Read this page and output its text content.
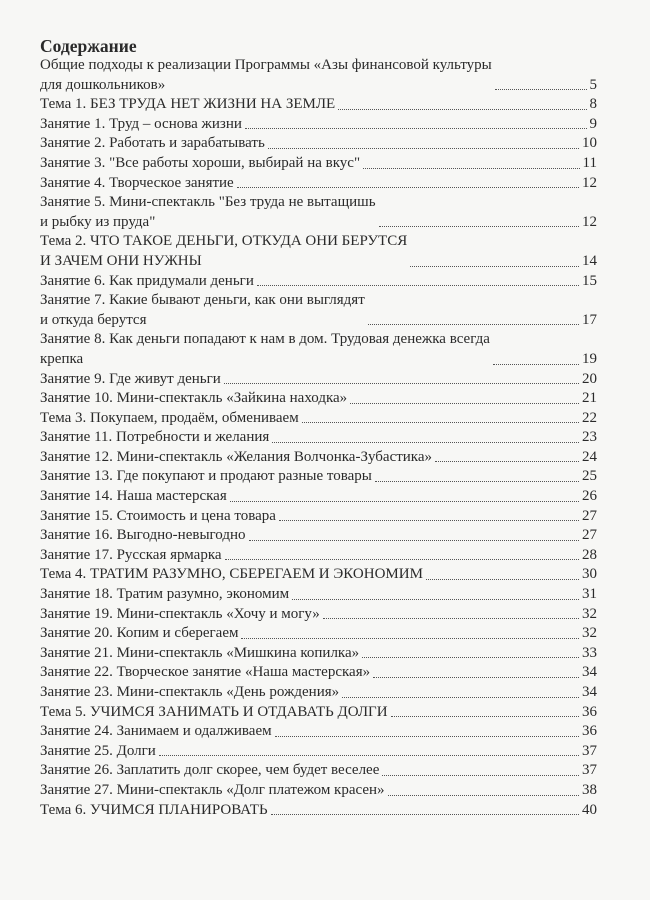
Содержание
Общие подходы к реализации Программы «Азы финансовой культуры
для дошкольников»	5
Тема 1. БЕЗ ТРУДА НЕТ ЖИЗНИ НА ЗЕМЛЕ	8
Занятие 1. Труд – основа жизни	9
Занятие 2. Работать и зарабатывать	10
Занятие 3. "Все работы хороши, выбирай на вкус"	11
Занятие 4. Творческое занятие	12
Занятие 5. Мини-спектакль "Без труда не вытащишь
и рыбку из пруда"	12
Тема 2. ЧТО ТАКОЕ ДЕНЬГИ, ОТКУДА ОНИ БЕРУТСЯ
И ЗАЧЕМ ОНИ НУЖНЫ	14
Занятие 6. Как придумали деньги	15
Занятие 7. Какие бывают деньги, как они выглядят
и откуда берутся	17
Занятие 8. Как деньги попадают к нам в дом. Трудовая денежка всегда
крепка	19
Занятие 9. Где живут деньги	20
Занятие 10. Мини-спектакль «Зайкина находка»	21
Тема 3. Покупаем, продаём, обмениваем	22
Занятие 11. Потребности и желания	23
Занятие 12. Мини-спектакль «Желания Волчонка-Зубастика»	24
Занятие 13. Где покупают и продают разные товары	25
Занятие 14. Наша мастерская	26
Занятие 15. Стоимость и цена товара	27
Занятие 16. Выгодно-невыгодно	27
Занятие 17. Русская ярмарка	28
Тема 4. ТРАТИМ РАЗУМНО, СБЕРЕГАЕМ И ЭКОНОМИМ	30
Занятие 18. Тратим разумно, экономим	31
Занятие 19. Мини-спектакль «Хочу и могу»	32
Занятие 20. Копим и сберегаем	32
Занятие 21. Мини-спектакль «Мишкина копилка»	33
Занятие 22. Творческое занятие «Наша мастерская»	34
Занятие 23. Мини-спектакль «День рождения»	34
Тема 5. УЧИМСЯ ЗАНИМАТЬ И ОТДАВАТЬ ДОЛГИ	36
Занятие 24. Занимаем и одалживаем	36
Занятие 25. Долги	37
Занятие 26. Заплатить долг скорее, чем будет веселее	37
Занятие 27. Мини-спектакль «Долг платежом красен»	38
Тема 6. УЧИМСЯ ПЛАНИРОВАТЬ	40
